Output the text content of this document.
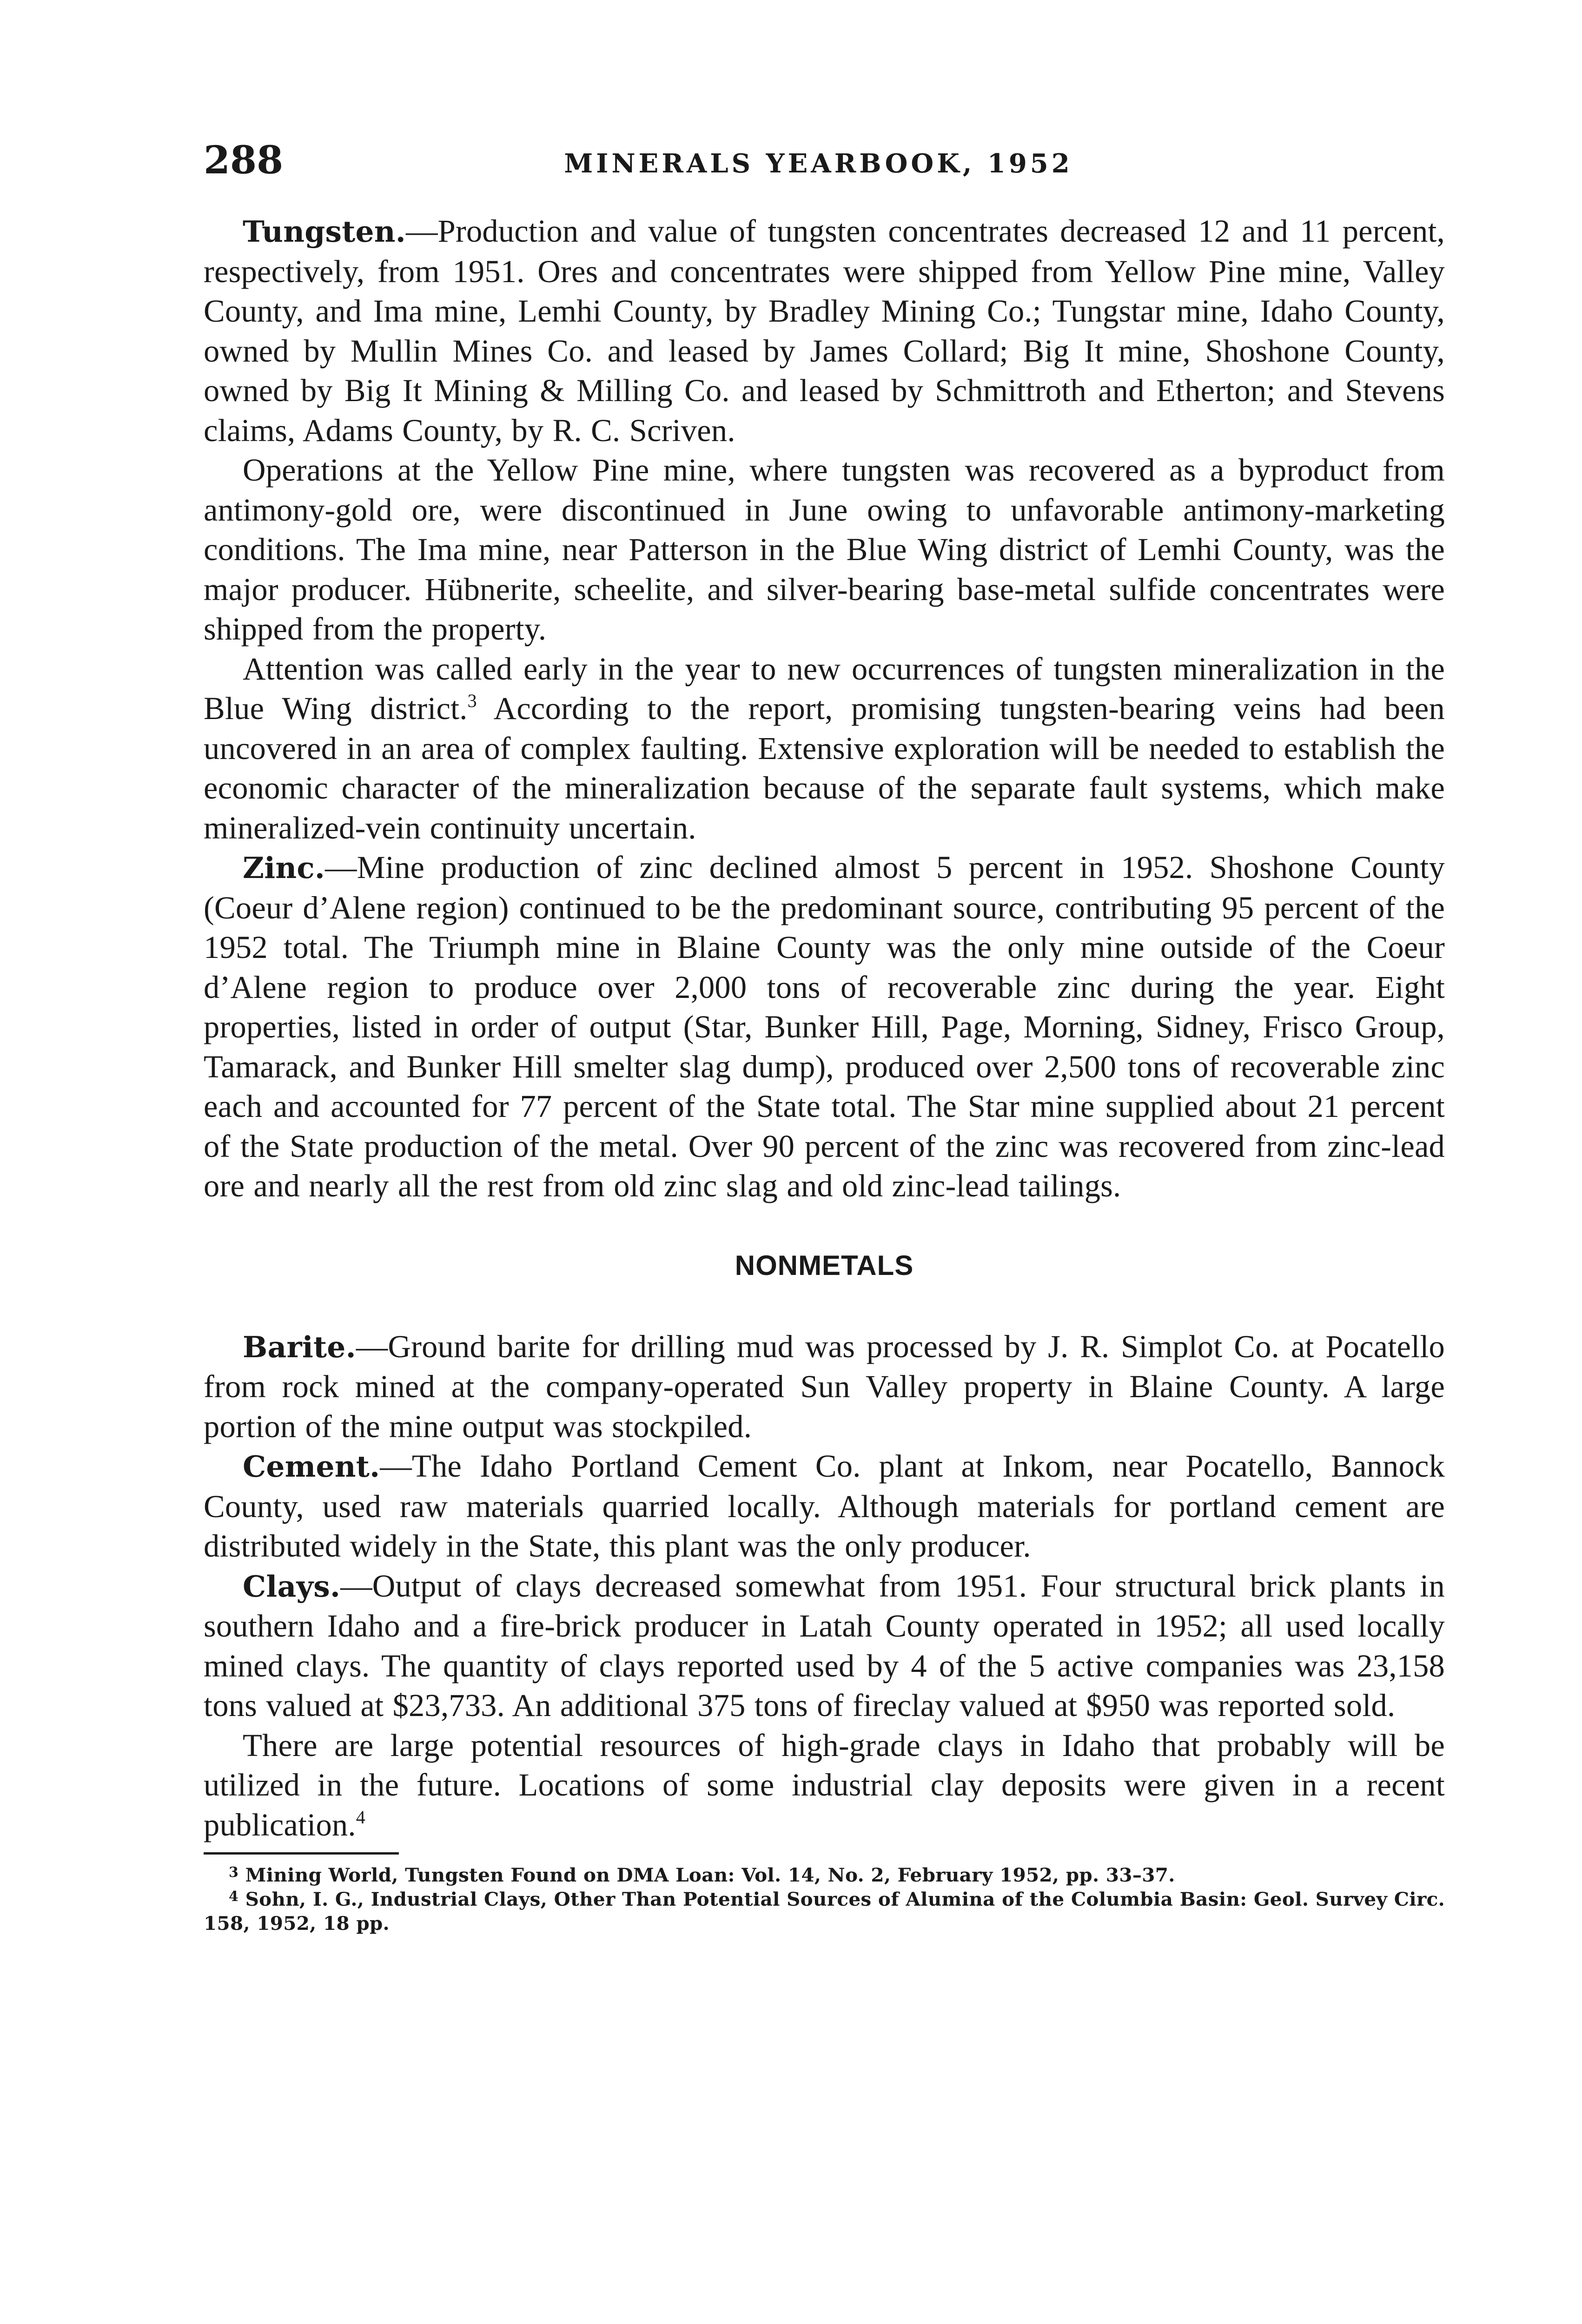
288	MINERALS YEARBOOK, 1952

Tungsten.—Production and value of tungsten concentrates decreased 12 and 11 percent, respectively, from 1951. Ores and concentrates were shipped from Yellow Pine mine, Valley County, and Ima mine, Lemhi County, by Bradley Mining Co.; Tungstar mine, Idaho County, owned by Mullin Mines Co. and leased by James Collard; Big It mine, Shoshone County, owned by Big It Mining & Milling Co. and leased by Schmittroth and Etherton; and Stevens claims, Adams County, by R. C. Scriven.

Operations at the Yellow Pine mine, where tungsten was recovered as a byproduct from antimony-gold ore, were discontinued in June owing to unfavorable antimony-marketing conditions. The Ima mine, near Patterson in the Blue Wing district of Lemhi County, was the major producer. Hübnerite, scheelite, and silver-bearing base-metal sulfide concentrates were shipped from the property.

Attention was called early in the year to new occurrences of tungsten mineralization in the Blue Wing district.$^3$ According to the report, promising tungsten-bearing veins had been uncovered in an area of complex faulting. Extensive exploration will be needed to establish the economic character of the mineralization because of the separate fault systems, which make mineralized-vein continuity uncertain.

Zinc.—Mine production of zinc declined almost 5 percent in 1952. Shoshone County (Coeur d’Alene region) continued to be the predominant source, contributing 95 percent of the 1952 total. The Triumph mine in Blaine County was the only mine outside of the Coeur d’Alene region to produce over 2,000 tons of recoverable zinc during the year. Eight properties, listed in order of output (Star, Bunker Hill, Page, Morning, Sidney, Frisco Group, Tamarack, and Bunker Hill smelter slag dump), produced over 2,500 tons of recoverable zinc each and accounted for 77 percent of the State total. The Star mine supplied about 21 percent of the State production of the metal. Over 90 percent of the zinc was recovered from zinc-lead ore and nearly all the rest from old zinc slag and old zinc-lead tailings.

NONMETALS

Barite.—Ground barite for drilling mud was processed by J. R. Simplot Co. at Pocatello from rock mined at the company-operated Sun Valley property in Blaine County. A large portion of the mine output was stockpiled.

Cement.—The Idaho Portland Cement Co. plant at Inkom, near Pocatello, Bannock County, used raw materials quarried locally. Although materials for portland cement are distributed widely in the State, this plant was the only producer.

Clays.—Output of clays decreased somewhat from 1951. Four structural brick plants in southern Idaho and a fire-brick producer in Latah County operated in 1952; all used locally mined clays. The quantity of clays reported used by 4 of the 5 active companies was 23,158 tons valued at $23,733. An additional 375 tons of fireclay valued at $950 was reported sold.

There are large potential resources of high-grade clays in Idaho that probably will be utilized in the future. Locations of some industrial clay deposits were given in a recent publication.$^4$

$^3$ Mining World, Tungsten Found on DMA Loan: Vol. 14, No. 2, February 1952, pp. 33–37.

$^4$ Sohn, I. G., Industrial Clays, Other Than Potential Sources of Alumina of the Columbia Basin: Geol. Survey Circ. 158, 1952, 18 pp.
